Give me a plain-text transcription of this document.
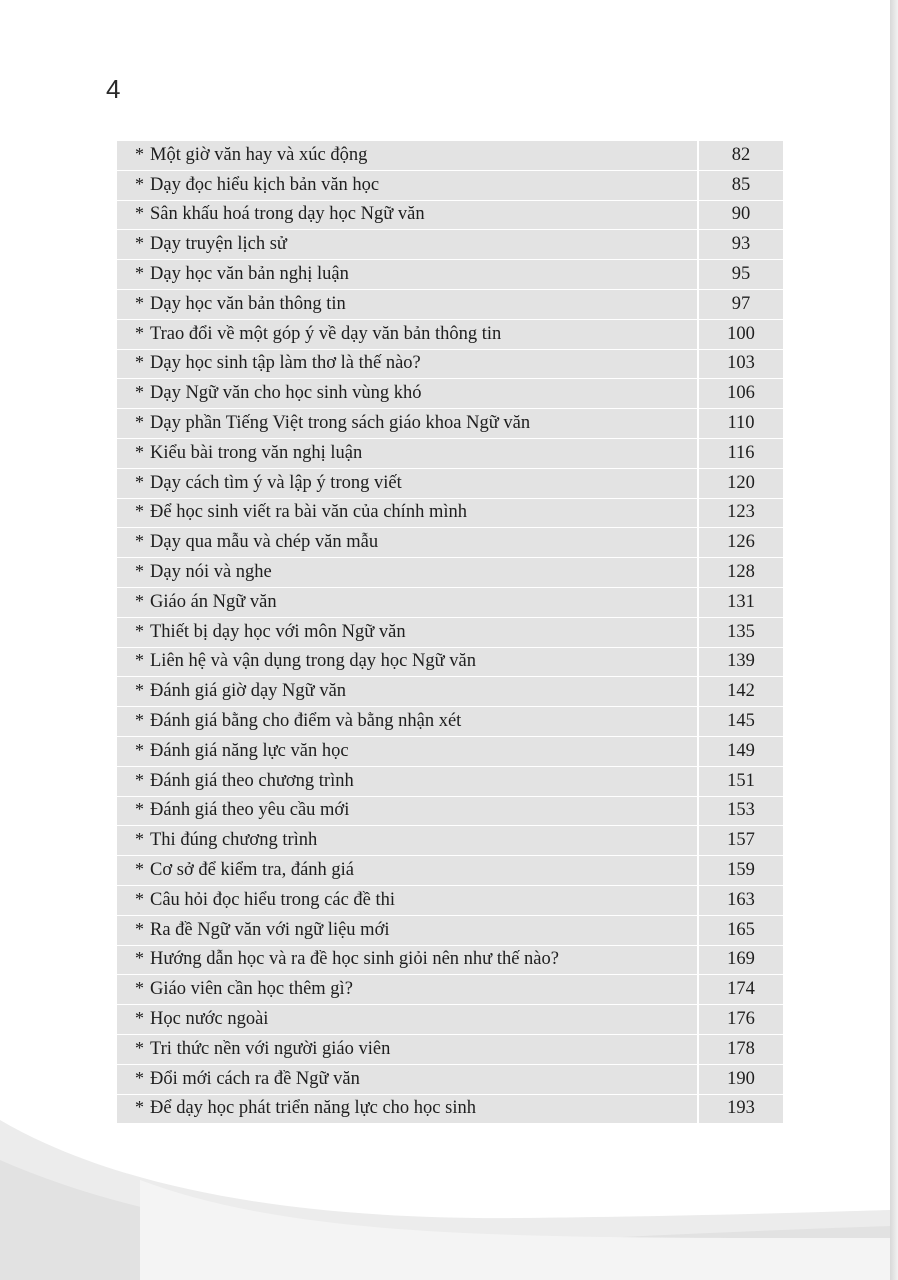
4
* Một giờ văn hay và xúc động	82
* Dạy đọc hiểu kịch bản văn học	85
* Sân khấu hoá trong dạy học Ngữ văn	90
* Dạy truyện lịch sử	93
* Dạy học văn bản nghị luận	95
* Dạy học văn bản thông tin	97
* Trao đổi về một góp ý về dạy văn bản thông tin	100
* Dạy học sinh tập làm thơ là thế nào?	103
* Dạy Ngữ văn cho học sinh vùng khó	106
* Dạy phần Tiếng Việt trong sách giáo khoa Ngữ văn	110
* Kiểu bài trong văn nghị luận	116
* Dạy cách tìm ý và lập ý trong viết	120
* Để học sinh viết ra bài văn của chính mình	123
* Dạy qua mẫu và chép văn mẫu	126
* Dạy nói và nghe	128
* Giáo án Ngữ văn	131
* Thiết bị dạy học với môn Ngữ văn	135
* Liên hệ và vận dụng trong dạy học Ngữ văn	139
* Đánh giá giờ dạy Ngữ văn	142
* Đánh giá bằng cho điểm và bằng nhận xét	145
* Đánh giá năng lực văn học	149
* Đánh giá theo chương trình	151
* Đánh giá theo yêu cầu mới	153
* Thi đúng chương trình	157
* Cơ sở để kiểm tra, đánh giá	159
* Câu hỏi đọc hiểu trong các đề thi	163
* Ra đề Ngữ văn với ngữ liệu mới	165
* Hướng dẫn học và ra đề học sinh giỏi nên như thế nào?	169
* Giáo viên cần học thêm gì?	174
* Học nước ngoài	176
* Tri thức nền với người giáo viên	178
* Đổi mới cách ra đề Ngữ văn	190
* Để dạy học phát triển năng lực cho học sinh	193
